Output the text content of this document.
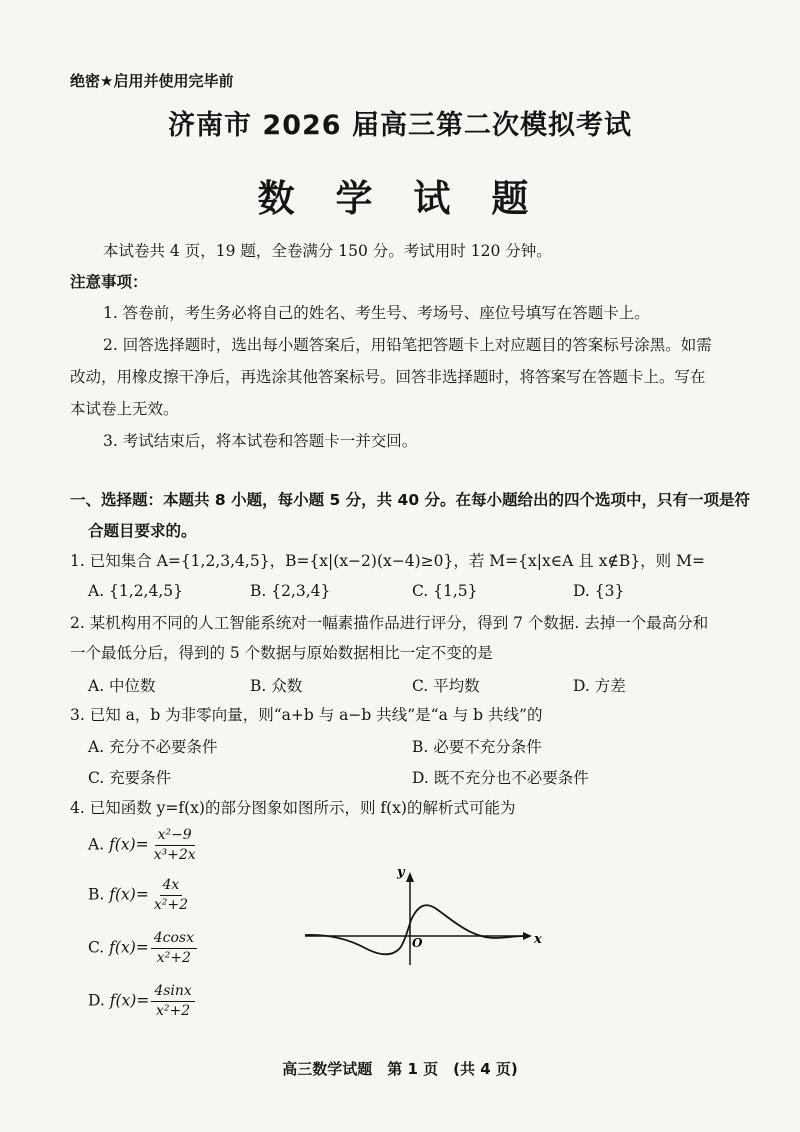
绝密★启用并使用完毕前
济南市 2026 届高三第二次模拟考试
数 学 试 题
本试卷共 4 页，19 题，全卷满分 150 分。考试用时 120 分钟。
注意事项：
1. 答卷前，考生务必将自己的姓名、考生号、考场号、座位号填写在答题卡上。
2. 回答选择题时，选出每小题答案后，用铅笔把答题卡上对应题目的答案标号涂黑。如需
改动，用橡皮擦干净后，再选涂其他答案标号。回答非选择题时，将答案写在答题卡上。写在
本试卷上无效。
3. 考试结束后，将本试卷和答题卡一并交回。
一、选择题：本题共 8 小题，每小题 5 分，共 40 分。在每小题给出的四个选项中，只有一项是符
合题目要求的。
1. 已知集合 A={1,2,3,4,5}，B={x|(x−2)(x−4)≥0}，若 M={x|x∈A 且 x∉B}，则 M=
A. {1,2,4,5}	B. {2,3,4}	C. {1,5}	D. {3}
2. 某机构用不同的人工智能系统对一幅素描作品进行评分，得到 7 个数据. 去掉一个最高分和
一个最低分后，得到的 5 个数据与原始数据相比一定不变的是
A. 中位数	B. 众数	C. 平均数	D. 方差
3. 已知 a，b 为非零向量，则“a+b 与 a−b 共线”是“a 与 b 共线”的
A. 充分不必要条件	B. 必要不充分条件
C. 充要条件	D. 既不充分也不必要条件
4. 已知函数 y=f(x)的部分图象如图所示，则 f(x)的解析式可能为
A. $f(x)= \frac{\text{x²−9}}{\text{x³+2x}}$
B. $f(x)= \frac{4x}{\text{x²+2}}$
C. $f(x)= \frac{4\cos x}{\text{x²+2}}$
D. $f(x)= \frac{4\sin x}{\text{x²+2}}$
y
x
O
高三数学试题　第 1 页　(共 4 页)
